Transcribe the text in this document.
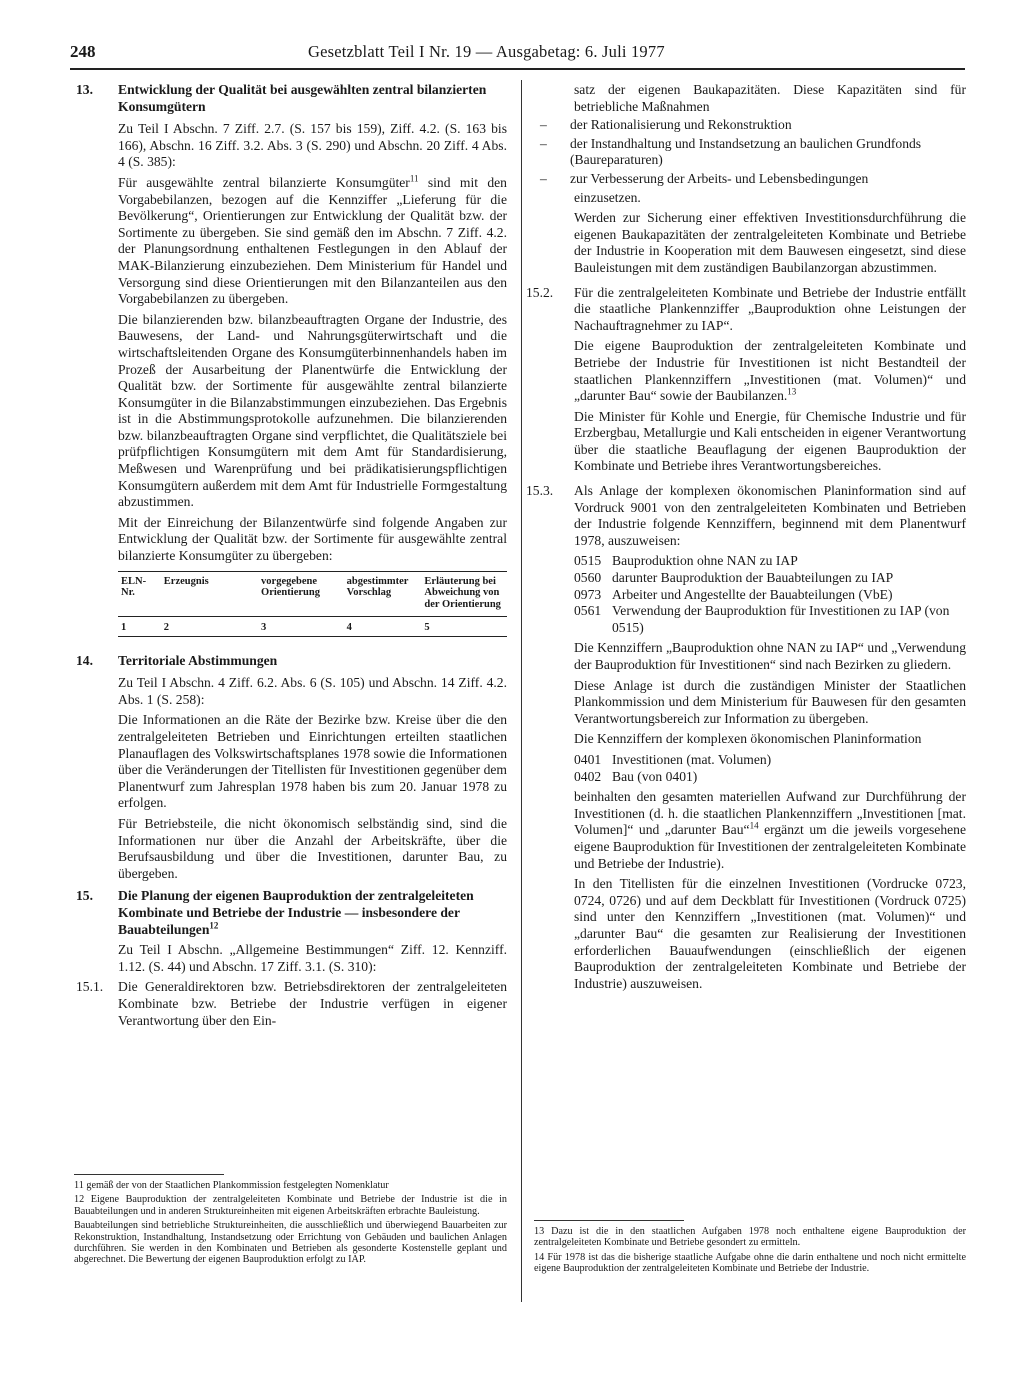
248	Gesetzblatt Teil I Nr. 19 — Ausgabetag: 6. Juli 1977
13. Entwicklung der Qualität bei ausgewählten zentral bilanzierten Konsumgütern

Zu Teil I Abschn. 7 Ziff. 2.7. (S. 157 bis 159), Ziff. 4.2. (S. 163 bis 166), Abschn. 16 Ziff. 3.2. Abs. 3 (S. 290) und Abschn. 20 Ziff. 4 Abs. 4 (S. 385):

Für ausgewählte zentral bilanzierte Konsumgüter$^{11}$ sind mit den Vorgabebilanzen, bezogen auf die Kennziffer „Lieferung für die Bevölkerung“, Orientierungen zur Entwicklung der Qualität bzw. der Sortimente zu übergeben. Sie sind gemäß den im Abschn. 7 Ziff. 4.2. der Planungsordnung enthaltenen Festlegungen in den Ablauf der MAK-Bilanzierung einzubeziehen. Dem Ministerium für Handel und Versorgung sind diese Orientierungen mit den Bilanzanteilen aus den Vorgabebilanzen zu übergeben.

Die bilanzierenden bzw. bilanzbeauftragten Organe der Industrie, des Bauwesens, der Land- und Nahrungsgüterwirtschaft und die wirtschaftsleitenden Organe des Konsumgüterbinnenhandels haben im Prozeß der Ausarbeitung der Planentwürfe die Entwicklung der Qualität bzw. der Sortimente für ausgewählte zentral bilanzierte Konsumgüter in die Bilanzabstimmungen einzubeziehen. Das Ergebnis ist in die Abstimmungsprotokolle aufzunehmen. Die bilanzierenden bzw. bilanzbeauftragten Organe sind verpflichtet, die Qualitätsziele bei prüfpflichtigen Konsumgütern mit dem Amt für Standardisierung, Meßwesen und Warenprüfung und bei prädikatisierungspflichtigen Konsumgütern außerdem mit dem Amt für Industrielle Formgestaltung abzustimmen.

Mit der Einreichung der Bilanzentwürfe sind folgende Angaben zur Entwicklung der Qualität bzw. der Sortimente für ausgewählte zentral bilanzierte Konsumgüter zu übergeben:

ELN-Nr.	Erzeugnis	vorgegebene Orientierung	abgestimmter Vorschlag	Erläuterung bei Abweichung von der Orientierung
1	2	3	4	5
14. Territoriale Abstimmungen

Zu Teil I Abschn. 4 Ziff. 6.2. Abs. 6 (S. 105) und Abschn. 14 Ziff. 4.2. Abs. 1 (S. 258):

Die Informationen an die Räte der Bezirke bzw. Kreise über die den zentralgeleiteten Betrieben und Einrichtungen erteilten staatlichen Planauflagen des Volkswirtschaftsplanes 1978 sowie die Informationen über die Veränderungen der Titellisten für Investitionen gegenüber dem Planentwurf zum Jahresplan 1978 haben bis zum 20. Januar 1978 zu erfolgen.

Für Betriebsteile, die nicht ökonomisch selbständig sind, sind die Informationen nur über die Anzahl der Arbeitskräfte, über die Berufsausbildung und über die Investitionen, darunter Bau, zu übergeben.

15. Die Planung der eigenen Bauproduktion der zentralgeleiteten Kombinate und Betriebe der Industrie — insbesondere der Bauabteilungen$^{12}$

Zu Teil I Abschn. „Allgemeine Bestimmungen“ Ziff. 12. Kennziff. 1.12. (S. 44) und Abschn. 17 Ziff. 3.1. (S. 310):

15.1. Die Generaldirektoren bzw. Betriebsdirektoren der zentralgeleiteten Kombinate bzw. Betriebe der Industrie verfügen in eigener Verantwortung über den Ein-

11 gemäß der von der Staatlichen Plankommission festgelegten Nomenklatur

12 Eigene Bauproduktion der zentralgeleiteten Kombinate und Betriebe der Industrie ist die in Bauabteilungen und in anderen Struktureinheiten mit eigenen Arbeitskräften erbrachte Bauleistung.

Bauabteilungen sind betriebliche Struktureinheiten, die ausschließlich und überwiegend Bauarbeiten zur Rekonstruktion, Instandhaltung, Instandsetzung oder Errichtung von Gebäuden und baulichen Anlagen durchführen. Sie werden in den Kombinaten und Betrieben als gesonderte Kostenstelle geplant und abgerechnet. Die Bewertung der eigenen Bauproduktion erfolgt zu IAP.

satz der eigenen Baukapazitäten. Diese Kapazitäten sind für betriebliche Maßnahmen

– der Rationalisierung und Rekonstruktion
– der Instandhaltung und Instandsetzung an baulichen Grundfonds (Baureparaturen)
– zur Verbesserung der Arbeits- und Lebensbedingungen

einzusetzen.

Werden zur Sicherung einer effektiven Investitionsdurchführung die eigenen Baukapazitäten der zentralgeleiteten Kombinate und Betriebe der Industrie in Kooperation mit dem Bauwesen eingesetzt, sind diese Bauleistungen mit dem zuständigen Baubilanzorgan abzustimmen.

15.2. Für die zentralgeleiteten Kombinate und Betriebe der Industrie entfällt die staatliche Plankennziffer „Bauproduktion ohne Leistungen der Nachauftragnehmer zu IAP“.

Die eigene Bauproduktion der zentralgeleiteten Kombinate und Betriebe der Industrie für Investitionen ist nicht Bestandteil der staatlichen Plankennziffern „Investitionen (mat. Volumen)“ und „darunter Bau“ sowie der Baubilanzen.$^{13}$

Die Minister für Kohle und Energie, für Chemische Industrie und für Erzbergbau, Metallurgie und Kali entscheiden in eigener Verantwortung über die staatliche Beauflagung der eigenen Bauproduktion der Kombinate und Betriebe ihres Verantwortungsbereiches.

15.3. Als Anlage der komplexen ökonomischen Planinformation sind auf Vordruck 9001 von den zentralgeleiteten Kombinaten und Betrieben der Industrie folgende Kennziffern, beginnend mit dem Planentwurf 1978, auszuweisen:

0515 Bauproduktion ohne NAN zu IAP

0560 darunter Bauproduktion der Bauabteilungen zu IAP

0973 Arbeiter und Angestellte der Bauabteilungen (VbE)

0561 Verwendung der Bauproduktion für Investitionen zu IAP (von 0515)

Die Kennziffern „Bauproduktion ohne NAN zu IAP“ und „Verwendung der Bauproduktion für Investitionen“ sind nach Bezirken zu gliedern.

Diese Anlage ist durch die zuständigen Minister der Staatlichen Plankommission und dem Ministerium für Bauwesen für den gesamten Verantwortungsbereich zur Information zu übergeben.

Die Kennziffern der komplexen ökonomischen Planinformation

0401 Investitionen (mat. Volumen)

0402 Bau (von 0401)

beinhalten den gesamten materiellen Aufwand zur Durchführung der Investitionen (d. h. die staatlichen Plankennziffern „Investitionen [mat. Volumen]“ und „darunter Bau“$^{14}$ ergänzt um die jeweils vorgesehene eigene Bauproduktion für Investitionen der zentralgeleiteten Kombinate und Betriebe der Industrie).

In den Titellisten für die einzelnen Investitionen (Vordrucke 0723, 0724, 0726) und auf dem Deckblatt für Investitionen (Vordruck 0725) sind unter den Kennziffern „Investitionen (mat. Volumen)“ und „darunter Bau“ die gesamten zur Realisierung der Investitionen erforderlichen Bauaufwendungen (einschließlich der eigenen Bauproduktion der zentralgeleiteten Kombinate und Betriebe der Industrie) auszuweisen.

13 Dazu ist die in den staatlichen Aufgaben 1978 noch enthaltene eigene Bauproduktion der zentralgeleiteten Kombinate und Betriebe gesondert zu ermitteln.

14 Für 1978 ist das die bisherige staatliche Aufgabe ohne die darin enthaltene und noch nicht ermittelte eigene Bauproduktion der zentralgeleiteten Kombinate und Betriebe der Industrie.
